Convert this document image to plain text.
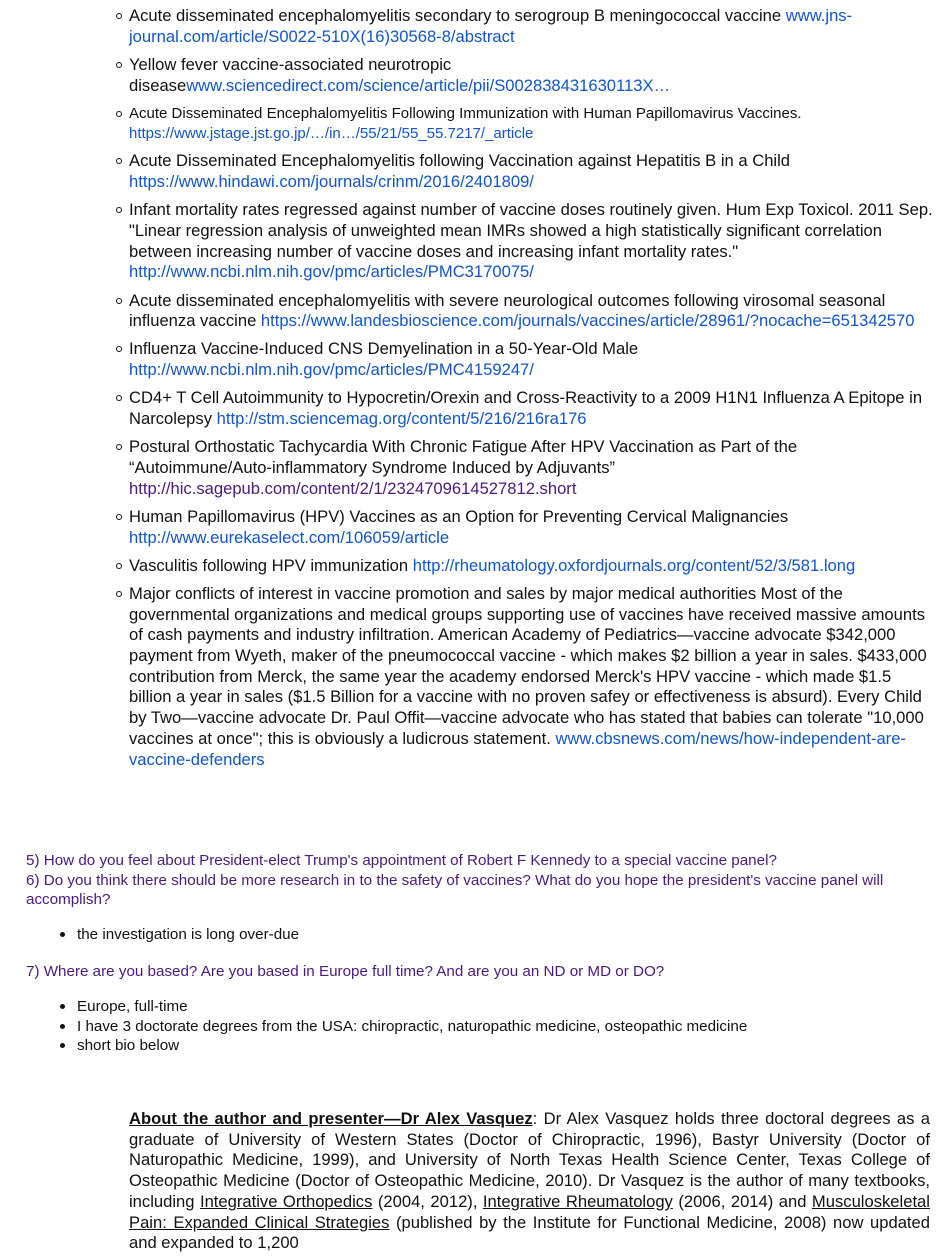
Acute disseminated encephalomyelitis secondary to serogroup B meningococcal vaccine www.jns-journal.com/article/S0022-510X(16)30568-8/abstract
Yellow fever vaccine-associated neurotropic diseasewww.sciencedirect.com/science/article/pii/S002838431630113X…
Acute Disseminated Encephalomyelitis Following Immunization with Human Papillomavirus Vaccines. https://www.jstage.jst.go.jp/…/in…/55/21/55_55.7217/_article
Acute Disseminated Encephalomyelitis following Vaccination against Hepatitis B in a Child https://www.hindawi.com/journals/crinm/2016/2401809/
Infant mortality rates regressed against number of vaccine doses routinely given. Hum Exp Toxicol. 2011 Sep. "Linear regression analysis of unweighted mean IMRs showed a high statistically significant correlation between increasing number of vaccine doses and increasing infant mortality rates." http://www.ncbi.nlm.nih.gov/pmc/articles/PMC3170075/
Acute disseminated encephalomyelitis with severe neurological outcomes following virosomal seasonal influenza vaccine https://www.landesbioscience.com/journals/vaccines/article/28961/?nocache=651342570
Influenza Vaccine-Induced CNS Demyelination in a 50-Year-Old Male http://www.ncbi.nlm.nih.gov/pmc/articles/PMC4159247/
CD4+ T Cell Autoimmunity to Hypocretin/Orexin and Cross-Reactivity to a 2009 H1N1 Influenza A Epitope in Narcolepsy http://stm.sciencemag.org/content/5/216/216ra176
Postural Orthostatic Tachycardia With Chronic Fatigue After HPV Vaccination as Part of the “Autoimmune/Auto-inflammatory Syndrome Induced by Adjuvants” http://hic.sagepub.com/content/2/1/2324709614527812.short
Human Papillomavirus (HPV) Vaccines as an Option for Preventing Cervical Malignancies http://www.eurekaselect.com/106059/article
Vasculitis following HPV immunization http://rheumatology.oxfordjournals.org/content/52/3/581.long
Major conflicts of interest in vaccine promotion and sales by major medical authorities Most of the governmental organizations and medical groups supporting use of vaccines have received massive amounts of cash payments and industry infiltration. American Academy of Pediatrics—vaccine advocate $342,000 payment from Wyeth, maker of the pneumococcal vaccine - which makes $2 billion a year in sales. $433,000 contribution from Merck, the same year the academy endorsed Merck's HPV vaccine - which made $1.5 billion a year in sales ($1.5 Billion for a vaccine with no proven safey or effectiveness is absurd). Every Child by Two—vaccine advocate Dr. Paul Offit—vaccine advocate who has stated that babies can tolerate "10,000 vaccines at once"; this is obviously a ludicrous statement. www.cbsnews.com/news/how-independent-are-vaccine-defenders
5) How do you feel about President-elect Trump's appointment of Robert F Kennedy to a special vaccine panel?
6) Do you think there should be more research in to the safety of vaccines? What do you hope the president's vaccine panel will accomplish?
the investigation is long over-due
7) Where are you based? Are you based in Europe full time? And are you an ND or MD or DO?
Europe, full-time
I have 3 doctorate degrees from the USA: chiropractic, naturopathic medicine, osteopathic medicine
short bio below
About the author and presenter—Dr Alex Vasquez: Dr Alex Vasquez holds three doctoral degrees as a graduate of University of Western States (Doctor of Chiropractic, 1996), Bastyr University (Doctor of Naturopathic Medicine, 1999), and University of North Texas Health Science Center, Texas College of Osteopathic Medicine (Doctor of Osteopathic Medicine, 2010). Dr Vasquez is the author of many textbooks, including Integrative Orthopedics (2004, 2012), Integrative Rheumatology (2006, 2014) and Musculoskeletal Pain: Expanded Clinical Strategies (published by the Institute for Functional Medicine, 2008) now updated and expanded to 1,200
